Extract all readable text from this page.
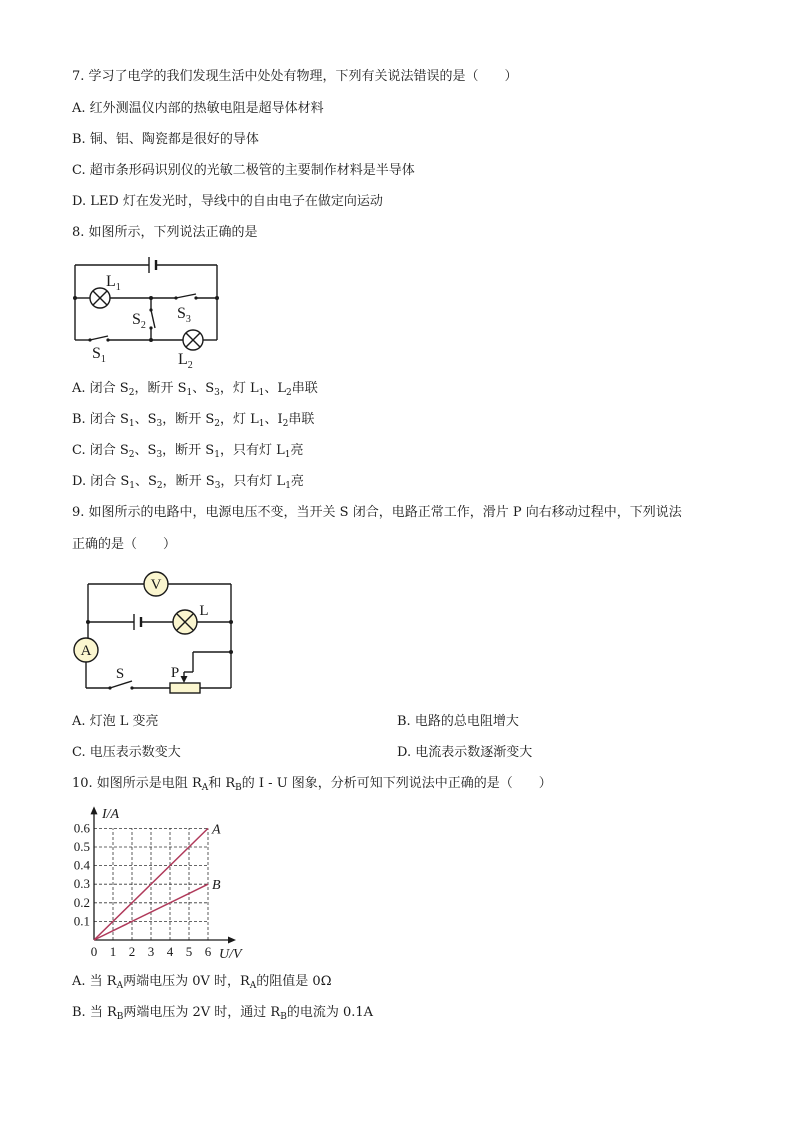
7. 学习了电学的我们发现生活中处处有物理，下列有关说法错误的是（　　）
A. 红外测温仪内部的热敏电阻是超导体材料
B. 铜、铝、陶瓷都是很好的导体
C. 超市条形码识别仪的光敏二极管的主要制作材料是半导体
D. LED 灯在发光时，导线中的自由电子在做定向运动
8. 如图所示，下列说法正确的是
$L_1$
$S_2$
$S_3$
$S_1$	$L_2$
A. 闭合 $S_2$，断开 $S_1$、$S_3$，灯 $L_1$、$L_2$串联
B. 闭合 $S_1$、$S_3$，断开 $S_2$，灯 $L_1$、$I_2$串联
C. 闭合 $S_2$、$S_3$，断开 $S_1$，只有灯 $L_1$亮
D. 闭合 $S_1$、$S_2$，断开 $S_3$，只有灯 $L_1$亮
9. 如图所示的电路中，电源电压不变，当开关 S 闭合，电路正常工作，滑片 P 向右移动过程中，下列说法
正确的是（　　）
V
A
L
S	P
A. 灯泡 L 变亮	B. 电路的总电阻增大
C. 电压表示数变大	D. 电流表示数逐渐变大
10. 如图所示是电阻 $R_A$和 $R_B$的 I - U 图象，分析可知下列说法中正确的是（　　）
A
B
0 1 2 3 4 5 6
0.1
0.2
0.3
0.4
0.5
0.6
I/A
U/V
A. 当 $R_A$两端电压为 0V 时，$R_A$的阻值是 0Ω
B. 当 $R_B$两端电压为 2V 时，通过 $R_B$的电流为 0.1A
